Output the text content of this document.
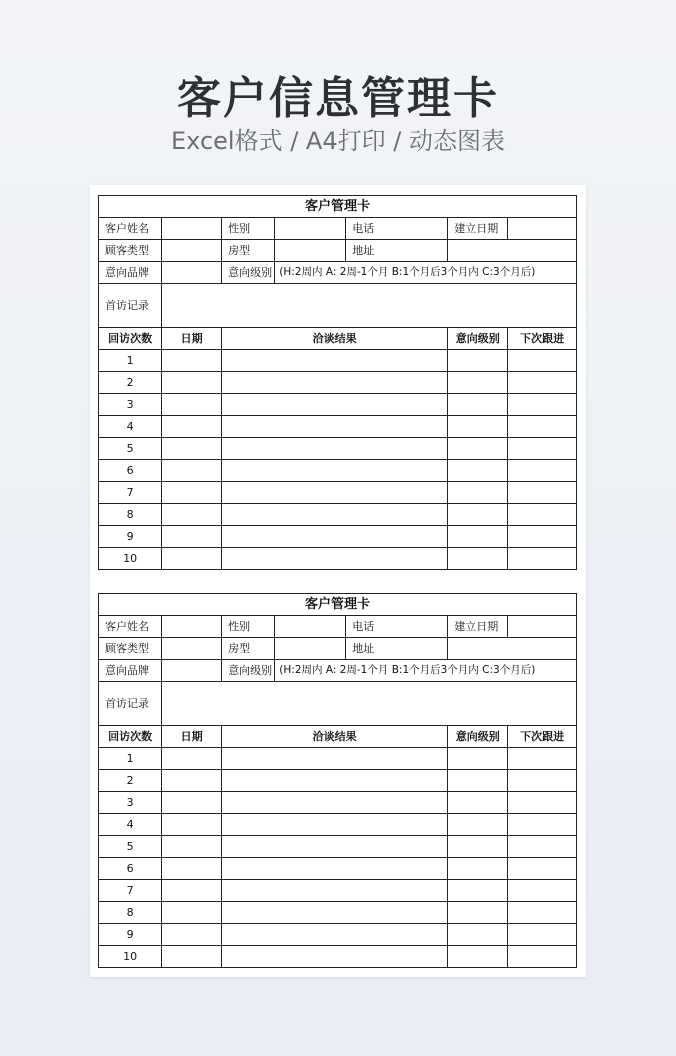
客户信息管理卡
Excel格式 / A4打印 / 动态图表
客户管理卡						
客户姓名		性别		电话	建立日期	
顾客类型		房型		地址		
意向品牌		意向级别	(H:2周内 A: 2周-1个月 B:1个月后3个月内 C:3个月后)			
首访记录						
回访次数	日期	洽谈结果			意向级别	下次跟进
1						
2						
3						
4						
5						
6						
7						
8						
9						
10						
客户管理卡						
客户姓名		性别		电话	建立日期	
顾客类型		房型		地址		
意向品牌		意向级别	(H:2周内 A: 2周-1个月 B:1个月后3个月内 C:3个月后)			
首访记录						
回访次数	日期	洽谈结果			意向级别	下次跟进
1						
2						
3						
4						
5						
6						
7						
8						
9						
10						
